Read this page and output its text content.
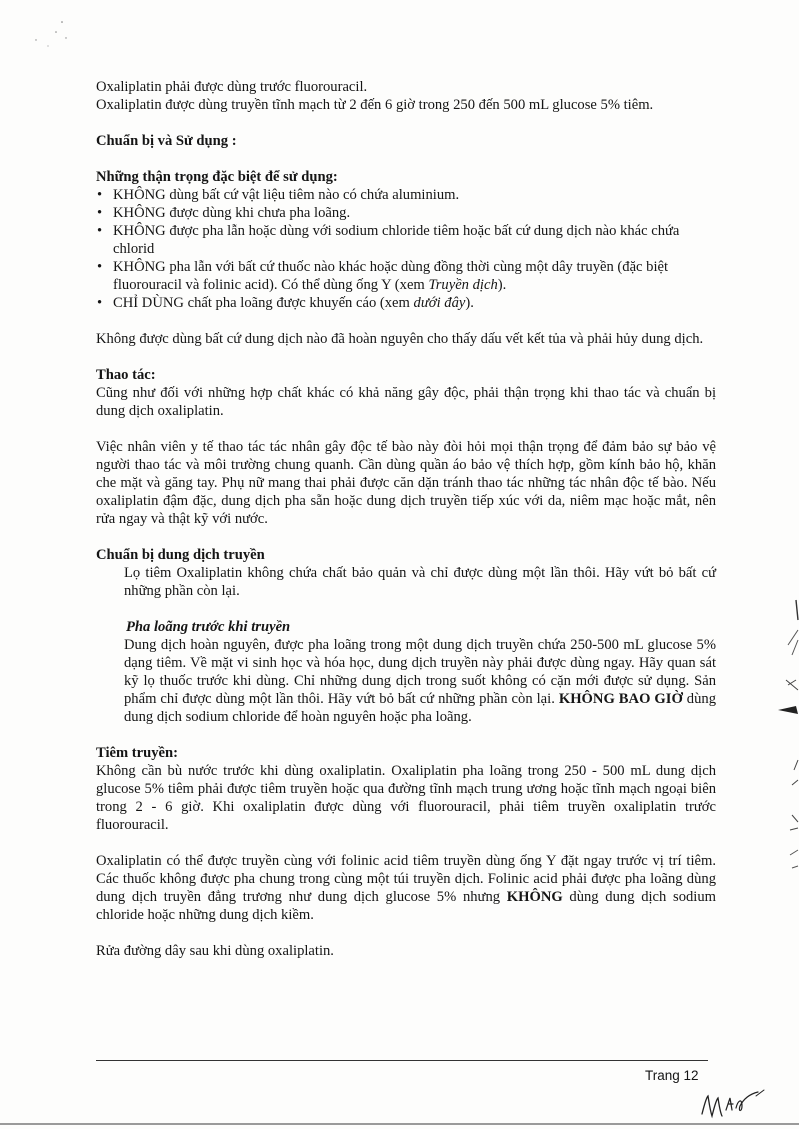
Oxaliplatin phải được dùng trước fluorouracil.

Oxaliplatin được dùng truyền tĩnh mạch từ 2 đến 6 giờ trong 250 đến 500 mL glucose 5% tiêm.

Chuẩn bị và Sử dụng :
Những thận trọng đặc biệt để sử dụng:
• KHÔNG dùng bất cứ vật liệu tiêm nào có chứa aluminium.
• KHÔNG được dùng khi chưa pha loãng.
• KHÔNG được pha lẫn hoặc dùng với sodium chloride tiêm hoặc bất cứ dung dịch nào khác chứa chlorid
• KHÔNG pha lẫn với bất cứ thuốc nào khác hoặc dùng đồng thời cùng một dây truyền (đặc biệt fluorouracil và folinic acid). Có thể dùng ống Y (xem Truyền dịch).
• CHỈ DÙNG chất pha loãng được khuyến cáo (xem dưới đây).

Không được dùng bất cứ dung dịch nào đã hoàn nguyên cho thấy dấu vết kết tủa và phải hủy dung dịch.

Thao tác:

Cũng như đối với những hợp chất khác có khả năng gây độc, phải thận trọng khi thao tác và chuẩn bị dung dịch oxaliplatin.

Việc nhân viên y tế thao tác tác nhân gây độc tế bào này đòi hỏi mọi thận trọng để đảm bảo sự bảo vệ người thao tác và môi trường chung quanh. Cần dùng quần áo bảo vệ thích hợp, gồm kính bảo hộ, khăn che mặt và găng tay. Phụ nữ mang thai phải được căn dặn tránh thao tác những tác nhân độc tế bào. Nếu oxaliplatin đậm đặc, dung dịch pha sẵn hoặc dung dịch truyền tiếp xúc với da, niêm mạc hoặc mắt, nên rửa ngay và thật kỹ với nước.

Chuẩn bị dung dịch truyền

Lọ tiêm Oxaliplatin không chứa chất bảo quản và chỉ được dùng một lần thôi. Hãy vứt bỏ bất cứ những phần còn lại.

Pha loãng trước khi truyền

Dung dịch hoàn nguyên, được pha loãng trong một dung dịch truyền chứa 250-500 mL glucose 5% dạng tiêm. Về mặt vi sinh học và hóa học, dung dịch truyền này phải được dùng ngay. Hãy quan sát kỹ lọ thuốc trước khi dùng. Chỉ những dung dịch trong suốt không có cặn mới được sử dụng. Sản phẩm chỉ được dùng một lần thôi. Hãy vứt bỏ bất cứ những phần còn lại. KHÔNG BAO GIỜ dùng dung dịch sodium chloride để hoàn nguyên hoặc pha loãng.

Tiêm truyền:

Không cần bù nước trước khi dùng oxaliplatin. Oxaliplatin pha loãng trong 250 - 500 mL dung dịch glucose 5% tiêm phải được tiêm truyền hoặc qua đường tĩnh mạch trung ương hoặc tĩnh mạch ngoại biên trong 2 - 6 giờ. Khi oxaliplatin được dùng với fluorouracil, phải tiêm truyền oxaliplatin trước fluorouracil.

Oxaliplatin có thể được truyền cùng với folinic acid tiêm truyền dùng ống Y đặt ngay trước vị trí tiêm. Các thuốc không được pha chung trong cùng một túi truyền dịch. Folinic acid phải được pha loãng dùng dung dịch truyền đẳng trương như dung dịch glucose 5% nhưng KHÔNG dùng dung dịch sodium chloride hoặc những dung dịch kiềm.

Rửa đường dây sau khi dùng oxaliplatin.

Trang 12
